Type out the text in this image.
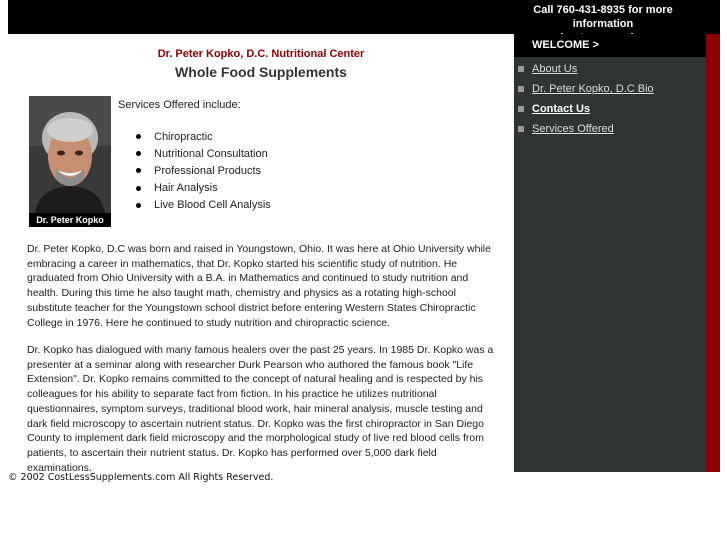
Call 760-431-8935 for more information
WELCOME >
About Us
Dr. Peter Kopko, D.C Bio
Contact Us
Services Offered
Dr. Peter Kopko, D.C. Nutritional Center
Whole Food Supplements
Dr. Peter Kopko
Services Offered include:
Chiropractic
Nutritional Consultation
Professional Products
Hair Analysis
Live Blood Cell Analysis

Dr. Peter Kopko, D.C was born and raised in Youngstown, Ohio. It was here at Ohio University while embracing a career in mathematics, that Dr. Kopko started his scientific study of nutrition. He graduated from Ohio University with a B.A. in Mathematics and continued to study nutrition and health. During this time he also taught math, chemistry and physics as a rotating high-school substitute teacher for the Youngstown school district before entering Western States Chiropractic College in 1976. Here he continued to study nutrition and chiropractic science.

Dr. Kopko has dialogued with many famous healers over the past 25 years. In 1985 Dr. Kopko was a presenter at a seminar along with researcher Durk Pearson who authored the famous book "Life Extension". Dr. Kopko remains committed to the concept of natural healing and is respected by his colleagues for his ability to separate fact from fiction. In his practice he utilizes nutritional questionnaires, symptom surveys, traditional blood work, hair mineral analysis, muscle testing and dark field microscopy to ascertain nutrient status. Dr. Kopko was the first chiropractor in San Diego County to implement dark field microscopy and the morphological study of live red blood cells from patients, to ascertain their nutrient status. Dr. Kopko has performed over 5,000 dark field examinations.

© 2002 CostLessSupplements.com All Rights Reserved.
